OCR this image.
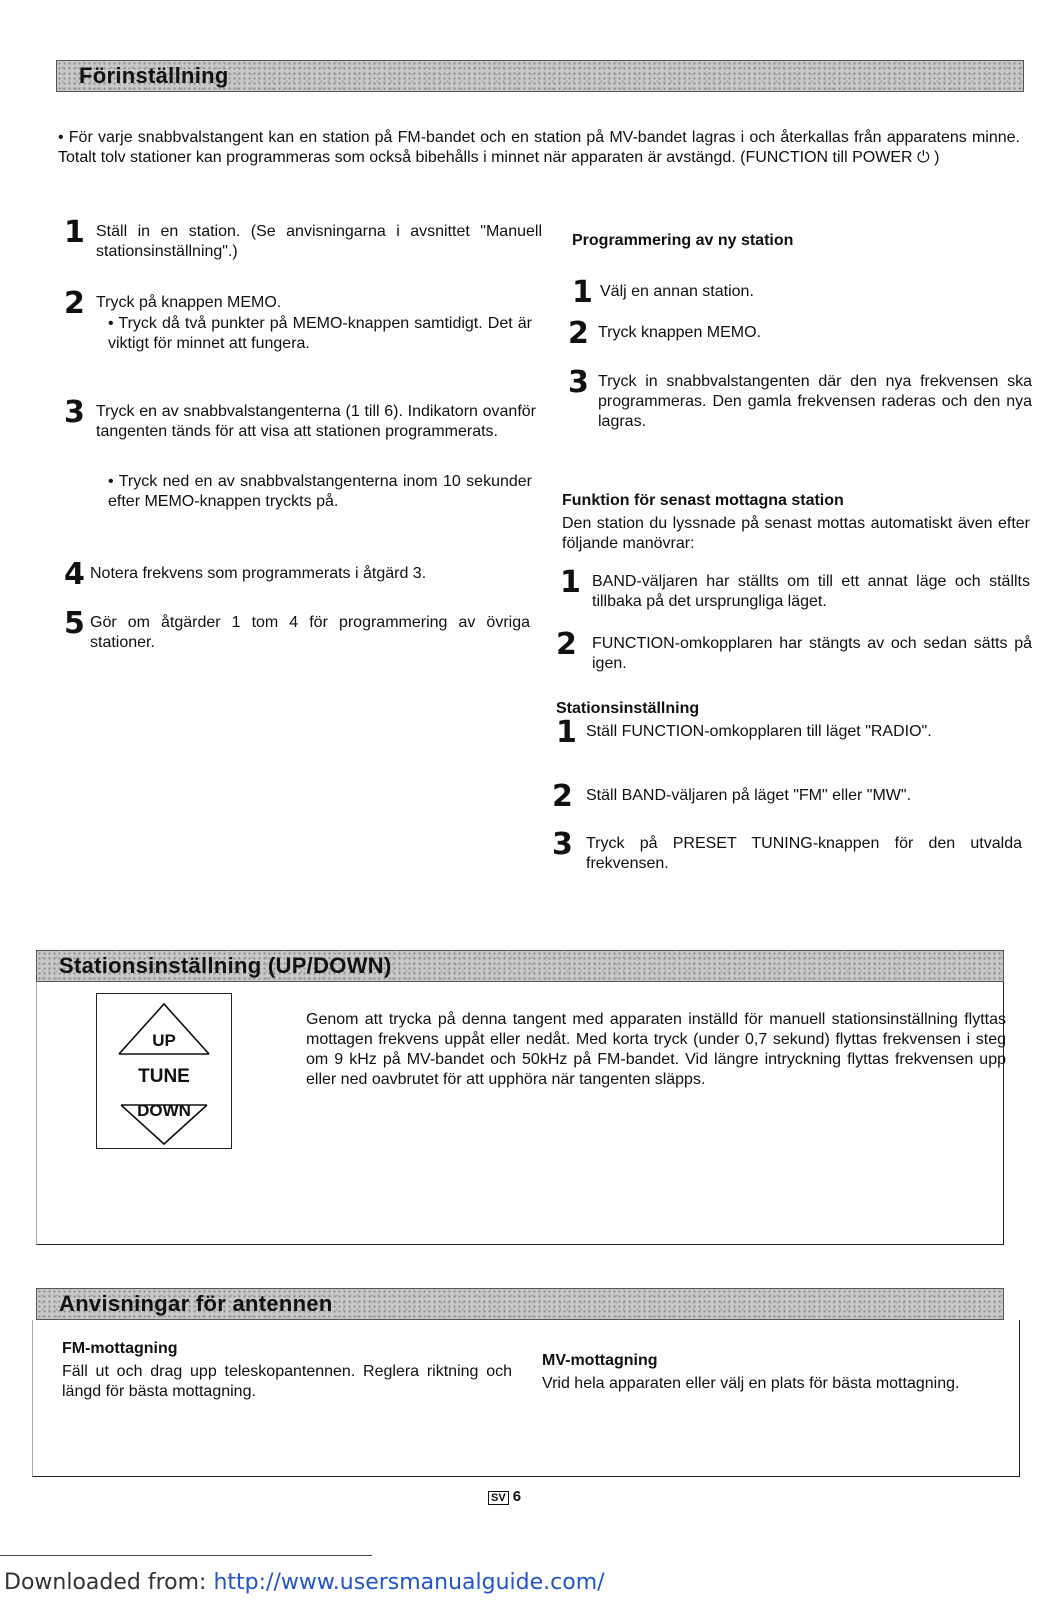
Förinställning
• För varje snabbvalstangent kan en station på FM-bandet och en station på MV-bandet lagras i och återkallas från apparatens minne. Totalt tolv stationer kan programmeras som också bibehålls i minnet när apparaten är avstängd. (FUNCTION till POWER ⏻ )
1 Ställ in en station. (Se anvisningarna i avsnittet "Manuell stationsinställning".)
2 Tryck på knappen MEMO.
• Tryck då två punkter på MEMO-knappen samtidigt. Det är viktigt för minnet att fungera.
3 Tryck en av snabbvalstangenterna (1 till 6). Indikatorn ovanför tangenten tänds för att visa att stationen programmerats.
• Tryck ned en av snabbvalstangenterna inom 10 sekunder efter MEMO-knappen tryckts på.
4 Notera frekvens som programmerats i åtgärd 3.
5 Gör om åtgärder 1 tom 4 för programmering av övriga stationer.
Programmering av ny station
1 Välj en annan station.
2 Tryck knappen MEMO.
3 Tryck in snabbvalstangenten där den nya frekvensen ska programmeras. Den gamla frekvensen raderas och den nya lagras.
Funktion för senast mottagna station
Den station du lyssnade på senast mottas automatiskt även efter följande manövrar:
1 BAND-väljaren har ställts om till ett annat läge och ställts tillbaka på det ursprungliga läget.
2 FUNCTION-omkopplaren har stängts av och sedan sätts på igen.
Stationsinställning
1 Ställ FUNCTION-omkopplaren till läget "RADIO".
2 Ställ BAND-väljaren på läget "FM" eller "MW".
3 Tryck på PRESET TUNING-knappen för den utvalda frekvensen.
Stationsinställning (UP/DOWN)
UP
TUNE
DOWN
Genom att trycka på denna tangent med apparaten inställd för manuell stationsinställning flyttas mottagen frekvens uppåt eller nedåt. Med korta tryck (under 0,7 sekund) flyttas frekvensen i steg om 9 kHz på MV-bandet och 50kHz på FM-bandet. Vid längre intryckning flyttas frekvensen upp eller ned oavbrutet för att upphöra när tangenten släpps.
Anvisningar för antennen
FM-mottagning
Fäll ut och drag upp teleskopantennen. Reglera riktning och längd för bästa mottagning.
MV-mottagning
Vrid hela apparaten eller välj en plats för bästa mottagning.
SV 6
Downloaded from: http://www.usersmanualguide.com/
